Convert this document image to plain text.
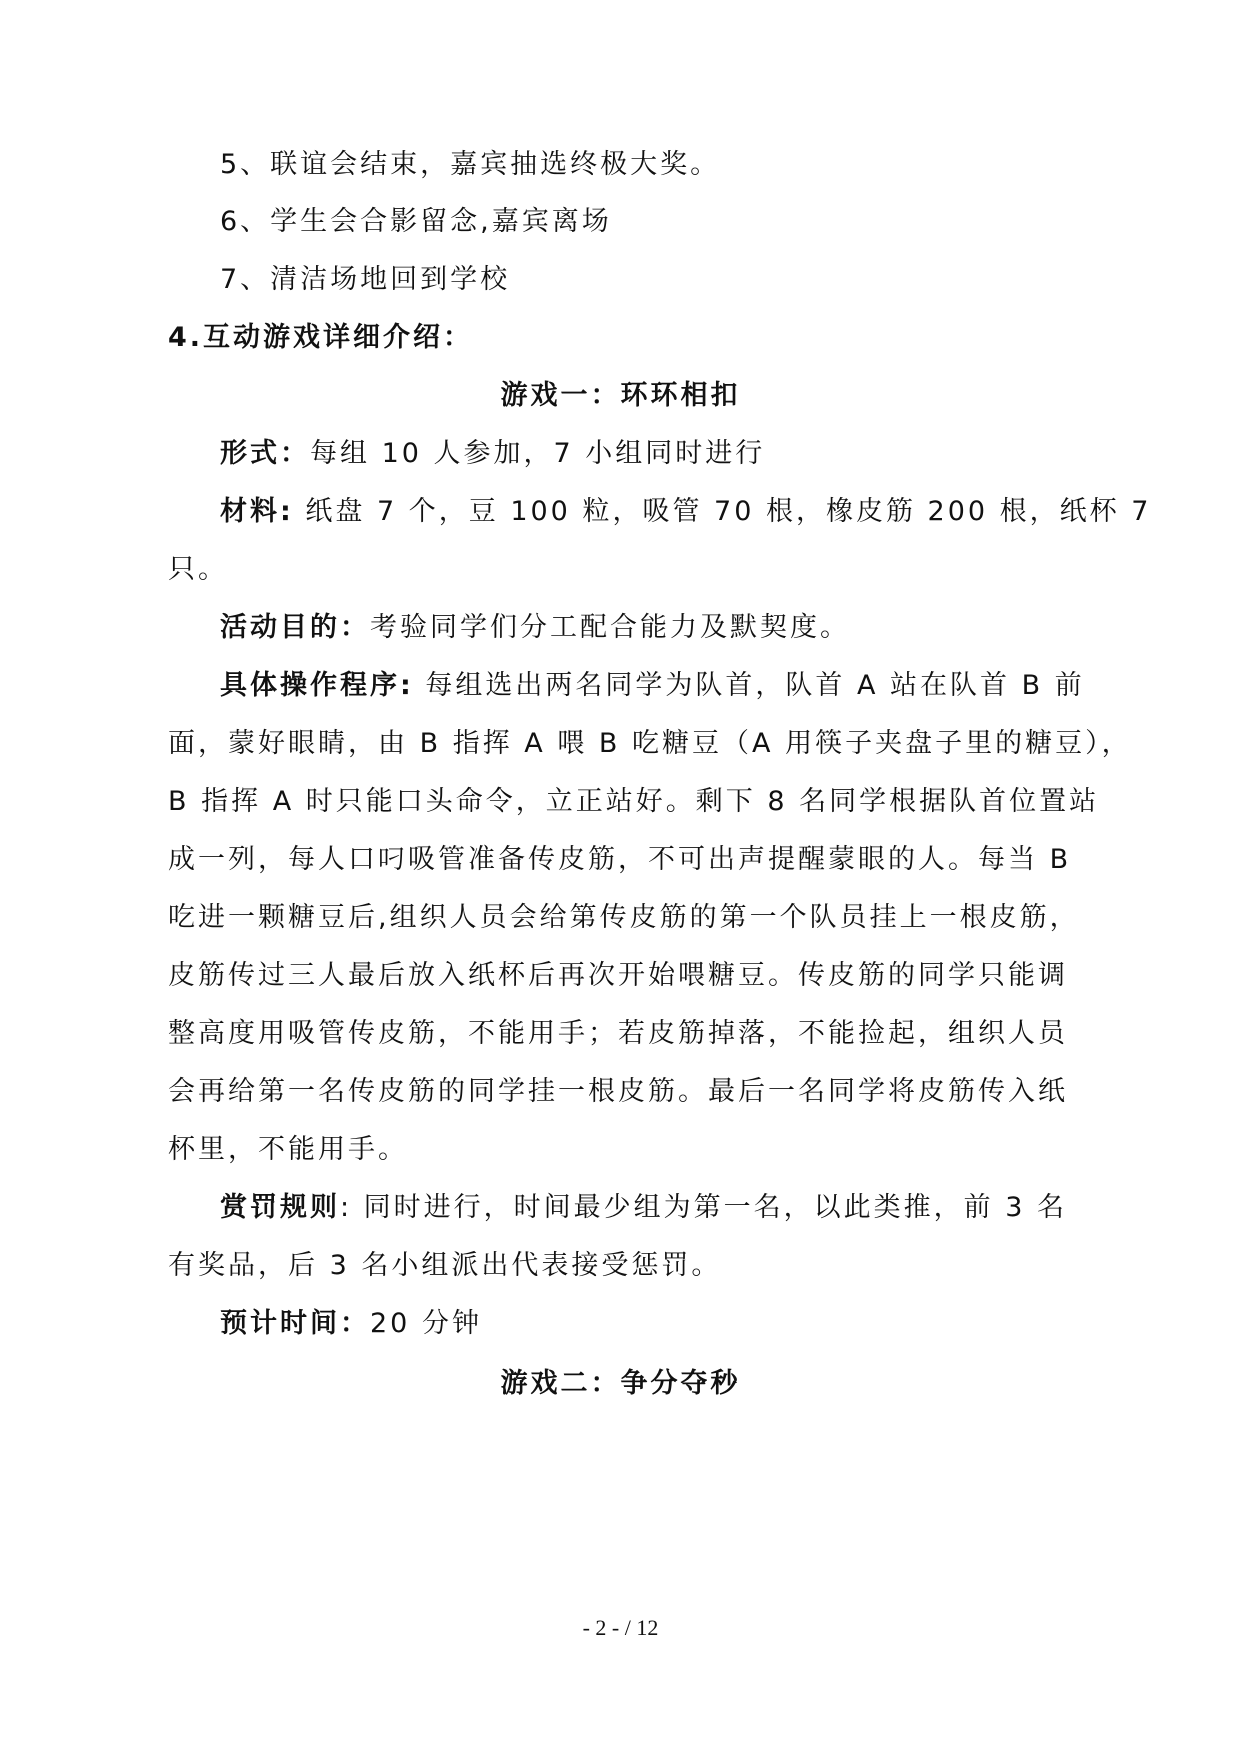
5、联谊会结束，嘉宾抽选终极大奖。
6、学生会合影留念,嘉宾离场
7、清洁场地回到学校
4.互动游戏详细介绍：
游戏一：环环相扣
形式：每组 10 人参加，7 小组同时进行
材料: 纸盘 7 个，豆 100 粒，吸管 70 根，橡皮筋 200 根，纸杯 7
只。
活动目的：考验同学们分工配合能力及默契度。
具体操作程序: 每组选出两名同学为队首，队首 A 站在队首 B 前
面，蒙好眼睛，由 B 指挥 A 喂 B 吃糖豆（A 用筷子夹盘子里的糖豆），
B 指挥 A 时只能口头命令，立正站好。剩下 8 名同学根据队首位置站
成一列，每人口叼吸管准备传皮筋，不可出声提醒蒙眼的人。每当 B
吃进一颗糖豆后,组织人员会给第传皮筋的第一个队员挂上一根皮筋，
皮筋传过三人最后放入纸杯后再次开始喂糖豆。传皮筋的同学只能调
整高度用吸管传皮筋，不能用手；若皮筋掉落，不能捡起，组织人员
会再给第一名传皮筋的同学挂一根皮筋。最后一名同学将皮筋传入纸
杯里，不能用手。
赏罚规则: 同时进行，时间最少组为第一名，以此类推，前 3 名
有奖品，后 3 名小组派出代表接受惩罚。
预计时间：20 分钟
游戏二：争分夺秒
- 2 - / 12
